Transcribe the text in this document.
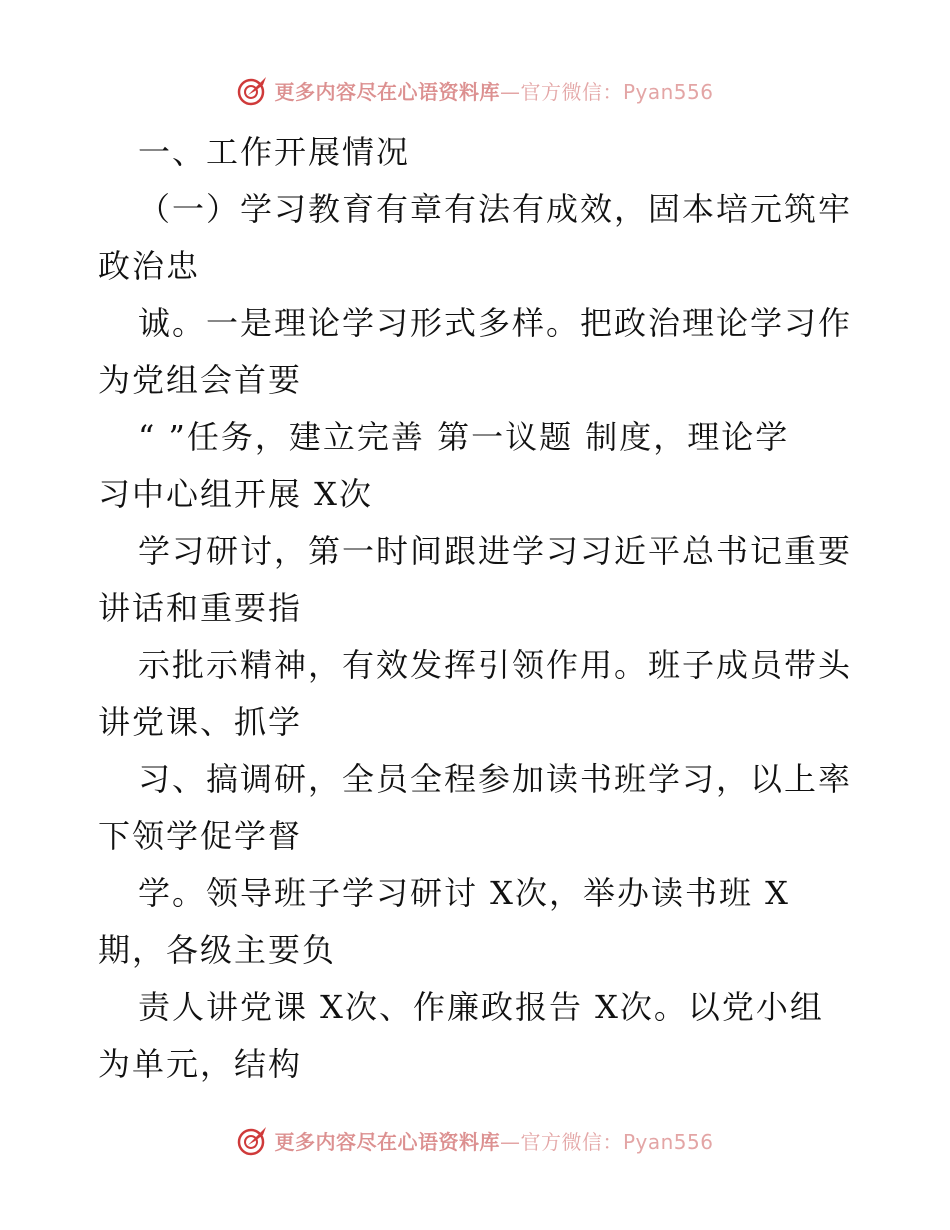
更多内容尽在心语资料库—官方微信：Pyan556
一、工作开展情况
（一）学习教育有章有法有成效，固本培元筑牢
政治忠
诚。一是理论学习形式多样。把政治理论学习作
为党组会首要
“ ”任务，建立完善 第一议题 制度，理论学
习中心组开展 X次
学习研讨，第一时间跟进学习习近平总书记重要
讲话和重要指
示批示精神，有效发挥引领作用。班子成员带头
讲党课、抓学
习、搞调研，全员全程参加读书班学习，以上率
下领学促学督
学。领导班子学习研讨 X次，举办读书班 X
期，各级主要负
责人讲党课 X次、作廉政报告 X次。以党小组
为单元，结构
更多内容尽在心语资料库—官方微信：Pyan556
